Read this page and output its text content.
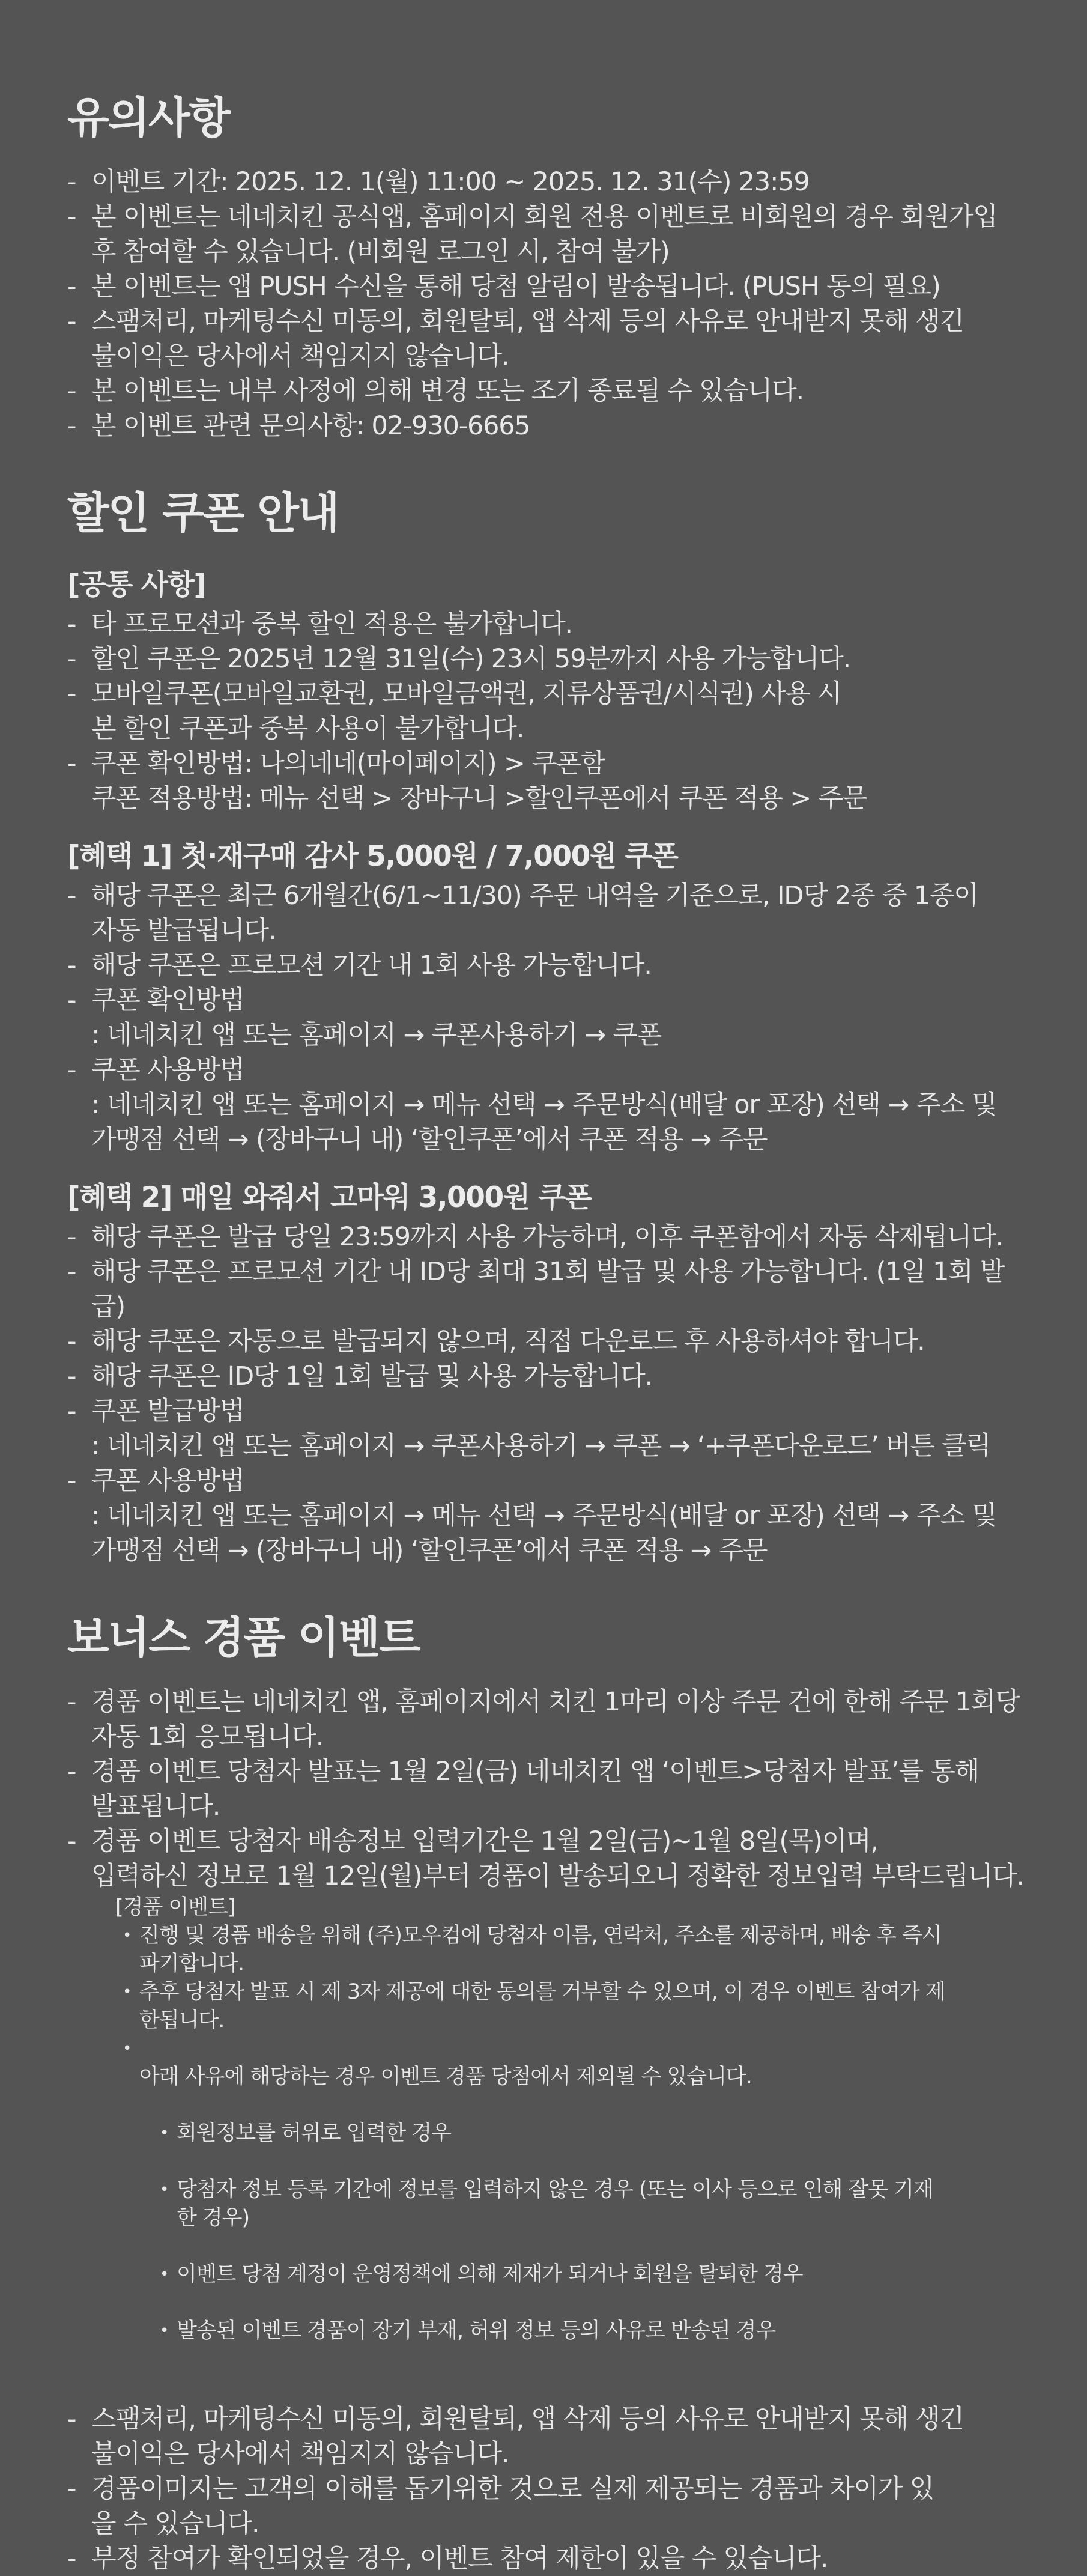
유의사항
- 이벤트 기간: 2025. 12. 1(월) 11:00 ~ 2025. 12. 31(수) 23:59
- 본 이벤트는 네네치킨 공식앱, 홈페이지 회원 전용 이벤트로 비회원의 경우 회원가입
후 참여할 수 있습니다. (비회원 로그인 시, 참여 불가)
- 본 이벤트는 앱 PUSH 수신을 통해 당첨 알림이 발송됩니다. (PUSH 동의 필요)
- 스팸처리, 마케팅수신 미동의, 회원탈퇴, 앱 삭제 등의 사유로 안내받지 못해 생긴
불이익은 당사에서 책임지지 않습니다.
- 본 이벤트는 내부 사정에 의해 변경 또는 조기 종료될 수 있습니다.
- 본 이벤트 관련 문의사항: 02-930-6665
할인 쿠폰 안내
[공통 사항]
- 타 프로모션과 중복 할인 적용은 불가합니다.
- 할인 쿠폰은 2025년 12월 31일(수) 23시 59분까지 사용 가능합니다.
- 모바일쿠폰(모바일교환권, 모바일금액권, 지류상품권/시식권) 사용 시
본 할인 쿠폰과 중복 사용이 불가합니다.
- 쿠폰 확인방법: 나의네네(마이페이지) > 쿠폰함
쿠폰 적용방법: 메뉴 선택 > 장바구니 >할인쿠폰에서 쿠폰 적용 > 주문
[혜택 1] 첫·재구매 감사 5,000원 / 7,000원 쿠폰
- 해당 쿠폰은 최근 6개월간(6/1~11/30) 주문 내역을 기준으로, ID당 2종 중 1종이
자동 발급됩니다.
- 해당 쿠폰은 프로모션 기간 내 1회 사용 가능합니다.
- 쿠폰 확인방법
: 네네치킨 앱 또는 홈페이지 → 쿠폰사용하기 → 쿠폰
- 쿠폰 사용방법
: 네네치킨 앱 또는 홈페이지 → 메뉴 선택 → 주문방식(배달 or 포장) 선택 → 주소 및
가맹점 선택 → (장바구니 내) ‘할인쿠폰’에서 쿠폰 적용 → 주문
[혜택 2] 매일 와줘서 고마워 3,000원 쿠폰
- 해당 쿠폰은 발급 당일 23:59까지 사용 가능하며, 이후 쿠폰함에서 자동 삭제됩니다.
- 해당 쿠폰은 프로모션 기간 내 ID당 최대 31회 발급 및 사용 가능합니다. (1일 1회 발급)
- 해당 쿠폰은 자동으로 발급되지 않으며, 직접 다운로드 후 사용하셔야 합니다.
- 해당 쿠폰은 ID당 1일 1회 발급 및 사용 가능합니다.
- 쿠폰 발급방법
: 네네치킨 앱 또는 홈페이지 → 쿠폰사용하기 → 쿠폰 → ‘+쿠폰다운로드’ 버튼 클릭
- 쿠폰 사용방법
: 네네치킨 앱 또는 홈페이지 → 메뉴 선택 → 주문방식(배달 or 포장) 선택 → 주소 및
가맹점 선택 → (장바구니 내) ‘할인쿠폰’에서 쿠폰 적용 → 주문
보너스 경품 이벤트
- 경품 이벤트는 네네치킨 앱, 홈페이지에서 치킨 1마리 이상 주문 건에 한해 주문 1회당
자동 1회 응모됩니다.
- 경품 이벤트 당첨자 발표는 1월 2일(금) 네네치킨 앱 ‘이벤트>당첨자 발표’를 통해
발표됩니다.
- 경품 이벤트 당첨자 배송정보 입력기간은 1월 2일(금)~1월 8일(목)이며,
입력하신 정보로 1월 12일(월)부터 경품이 발송되오니 정확한 정보입력 부탁드립니다.
[경품 이벤트]
• 진행 및 경품 배송을 위해 (주)모우컴에 당첨자 이름, 연락처, 주소를 제공하며, 배송 후 즉시
파기합니다.
• 추후 당첨자 발표 시 제 3자 제공에 대한 동의를 거부할 수 있으며, 이 경우 이벤트 참여가 제
한됩니다.

• 아래 사유에 해당하는 경우 이벤트 경품 당첨에서 제외될 수 있습니다.

• 회원정보를 허위로 입력한 경우

• 당첨자 정보 등록 기간에 정보를 입력하지 않은 경우 (또는 이사 등으로 인해 잘못 기재
한 경우)

• 이벤트 당첨 계정이 운영정책에 의해 제재가 되거나 회원을 탈퇴한 경우

• 발송된 이벤트 경품이 장기 부재, 허위 정보 등의 사유로 반송된 경우

- 스팸처리, 마케팅수신 미동의, 회원탈퇴, 앱 삭제 등의 사유로 안내받지 못해 생긴
불이익은 당사에서 책임지지 않습니다.
- 경품이미지는 고객의 이해를 돕기위한 것으로 실제 제공되는 경품과 차이가 있
을 수 있습니다.
- 부정 참여가 확인되었을 경우, 이벤트 참여 제한이 있을 수 있습니다.
